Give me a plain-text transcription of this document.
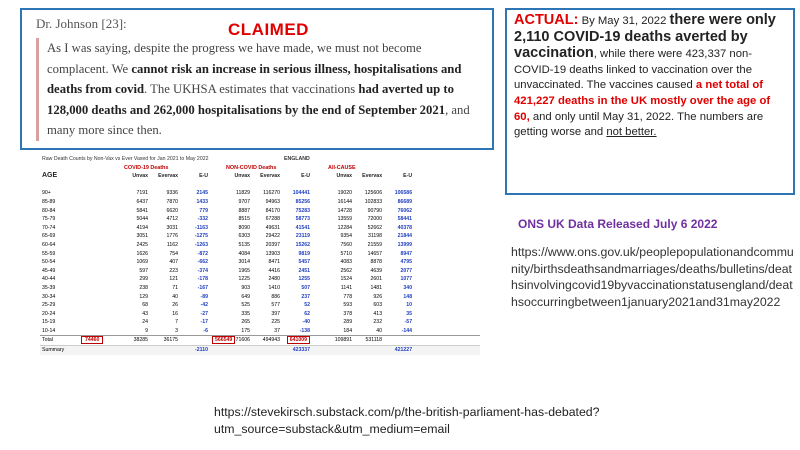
Dr. Johnson [23]:	CLAIMED
As I was saying, despite the progress we have made, we must not become complacent. We cannot risk an increase in serious illness, hospitalisations and deaths from covid. The UKHSA estimates that vaccinations had averted up to 128,000 deaths and 262,000 hospitalisations by the end of September 2021, and many more since then.
ACTUAL: By May 31, 2022 there were only 2,110 COVID-19 deaths averted by vaccination, while there were 423,337 non-COVID-19 deaths linked to vaccination over the unvaccinated. The vaccines caused a net total of 421,227 deaths in the UK mostly over the age of 60, and only until May 31, 2022. The numbers are getting worse and not better.
Raw Death Counts by Non-Vax vs Ever Vaxed for Jan 2021 to May 2022							ENGLAND					
	COVID-19 Deaths				NON-COVID Deaths				All-CAUSE			
AGE	Unvax	Evervax	E-U		Unvax	Evervax	E-U		Unvax	Evervax	E-U	

90+	7191	9336	2145		11829	116270	104441		19020	125606	106586	
85-89	6437	7870	1433		9707	94963	85256		16144	102833	86689	
80-84	5841	6620	779		8887	84170	75283		14728	90790	76062	
75-79	5044	4712	-332		8515	67288	58773		13559	72000	58441	
70-74	4194	3031	-1163		8090	49631	41541		12284	52662	40378	
65-69	3051	1776	-1275		6303	29422	23119		9354	31198	21844	
60-64	2425	1162	-1263		5135	20397	15262		7560	21559	13999	
55-59	1626	754	-872		4084	13903	9819		5710	14657	8947	
50-54	1069	407	-662		3014	8471	5457		4083	8878	4795	
45-49	597	223	-374		1965	4416	2451		2562	4639	2077	
40-44	299	121	-178		1225	2480	1255		1524	2601	1077	
35-39	238	71	-167		903	1410	507		1141	1481	340	
30-34	129	40	-89		649	886	237		778	926	148	
25-29	68	26	-42		525	577	52		593	603	10	
20-24	43	16	-27		335	397	62		378	413	35	
15-19	24	7	-17		265	225	-40		289	232	-57	
10-14	9	3	-6		175	37	-138		184	40	-144	
Total 74460	38285	36175		566549	71606	494943	641009		109891	531118		
Summary			-2110				423337				421227	
ONS UK Data Released July 6 2022
https://www.ons.gov.uk/peoplepopulationandcommunity/birthsdeathsandmarriages/deaths/bulletins/deathsinvolvingcovid19byvaccinationstatusengland/deathsoccurringbetween1january2021and31may2022
https://stevekirsch.substack.com/p/the-british-parliament-has-debated?utm_source=substack&utm_medium=email
